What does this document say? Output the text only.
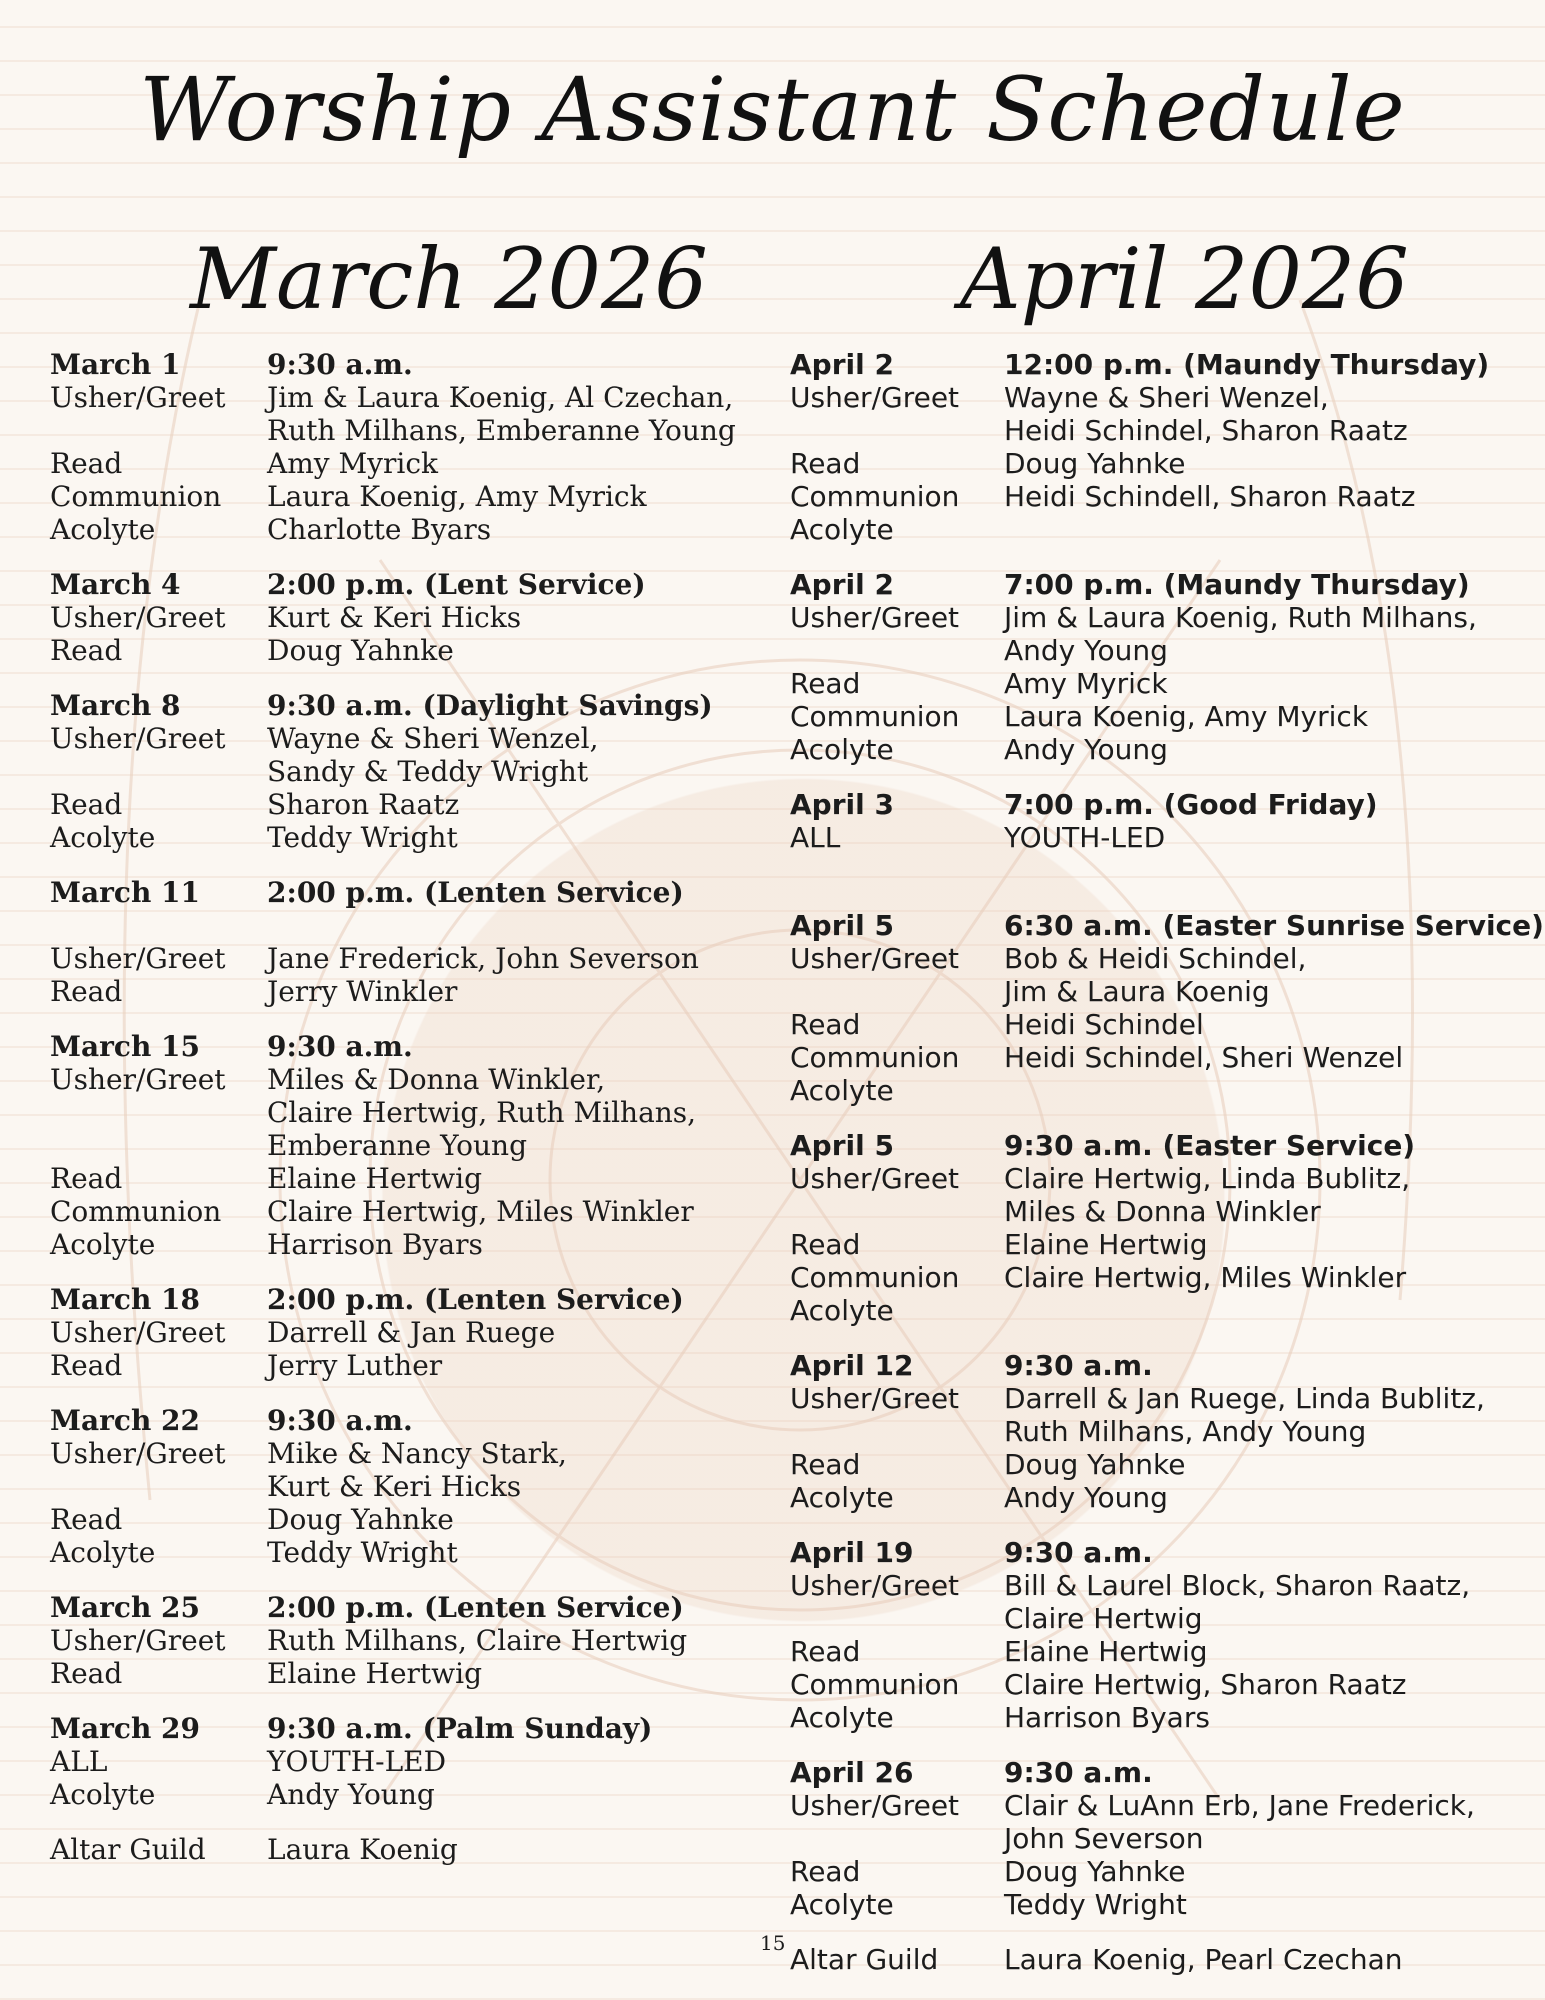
Worship Assistant Schedule
March 2026	April 2026
March 1	9:30 a.m.
Usher/Greet	Jim & Laura Koenig, Al Czechan,

Ruth Milhans, Emberanne Young
Read	Amy Myrick
Communion	Laura Koenig, Amy Myrick
Acolyte	Charlotte Byars
March 4	2:00 p.m. (Lent Service)
Usher/Greet	Kurt & Keri Hicks
Read	Doug Yahnke
March 8	9:30 a.m. (Daylight Savings)
Usher/Greet	Wayne & Sheri Wenzel,

Sandy & Teddy Wright
Read	Sharon Raatz
Acolyte	Teddy Wright
March 11	2:00 p.m. (Lenten Service)

Usher/Greet	Jane Frederick, John Severson
Read	Jerry Winkler
March 15	9:30 a.m.
Usher/Greet	Miles & Donna Winkler,

Claire Hertwig, Ruth Milhans,

Emberanne Young
Read	Elaine Hertwig
Communion	Claire Hertwig, Miles Winkler
Acolyte	Harrison Byars
March 18	2:00 p.m. (Lenten Service)
Usher/Greet	Darrell & Jan Ruege
Read	Jerry Luther
March 22	9:30 a.m.
Usher/Greet	Mike & Nancy Stark,

Kurt & Keri Hicks
Read	Doug Yahnke
Acolyte	Teddy Wright
March 25	2:00 p.m. (Lenten Service)
Usher/Greet	Ruth Milhans, Claire Hertwig
Read	Elaine Hertwig
March 29	9:30 a.m. (Palm Sunday)
ALL	YOUTH-LED
Acolyte	Andy Young
Altar Guild	Laura Koenig
April 2	12:00 p.m. (Maundy Thursday)
Usher/Greet	Wayne & Sheri Wenzel,

Heidi Schindel, Sharon Raatz
Read	Doug Yahnke
Communion	Heidi Schindell, Sharon Raatz
Acolyte

April 2	7:00 p.m. (Maundy Thursday)
Usher/Greet	Jim & Laura Koenig, Ruth Milhans,

Andy Young
Read	Amy Myrick
Communion	Laura Koenig, Amy Myrick
Acolyte	Andy Young
April 3	7:00 p.m. (Good Friday)
ALL	YOUTH-LED

April 5	6:30 a.m. (Easter Sunrise Service)
Usher/Greet	Bob & Heidi Schindel,

Jim & Laura Koenig
Read	Heidi Schindel
Communion	Heidi Schindel, Sheri Wenzel
Acolyte

April 5	9:30 a.m. (Easter Service)
Usher/Greet	Claire Hertwig, Linda Bublitz,

Miles & Donna Winkler
Read	Elaine Hertwig
Communion	Claire Hertwig, Miles Winkler
Acolyte

April 12	9:30 a.m.
Usher/Greet	Darrell & Jan Ruege, Linda Bublitz,

Ruth Milhans, Andy Young
Read	Doug Yahnke
Acolyte	Andy Young
April 19	9:30 a.m.
Usher/Greet	Bill & Laurel Block, Sharon Raatz,

Claire Hertwig
Read	Elaine Hertwig
Communion	Claire Hertwig, Sharon Raatz
Acolyte	Harrison Byars
April 26	9:30 a.m.
Usher/Greet	Clair & LuAnn Erb, Jane Frederick,

John Severson
Read	Doug Yahnke
Acolyte	Teddy Wright
Altar Guild	Laura Koenig, Pearl Czechan
15
